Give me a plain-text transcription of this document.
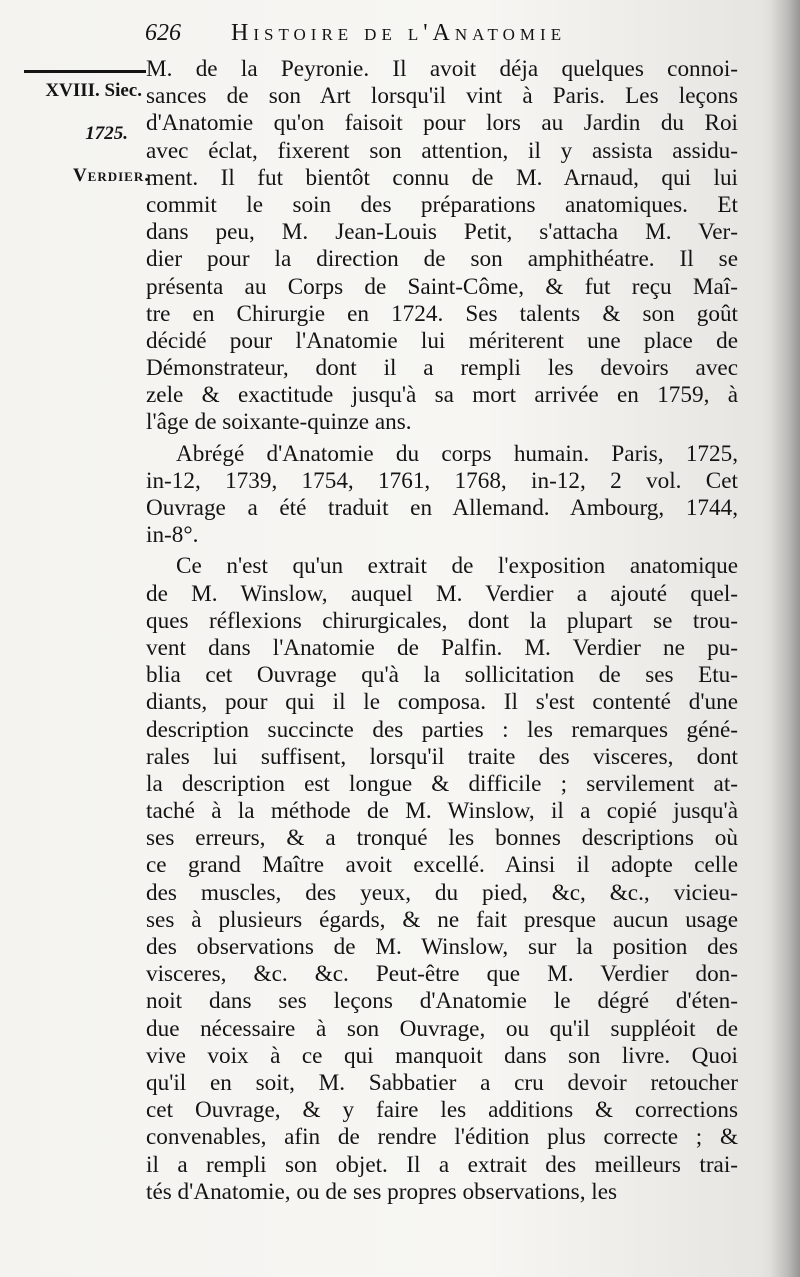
626 Histoire de l'Anatomie
XVIII. Siec.
1725.
Verdier.
M. de la Peyronie. Il avoit déja quelques connoi‑
sances de son Art lorsqu'il vint à Paris. Les leçons
d'Anatomie qu'on faisoit pour lors au Jardin du Roi
avec éclat, fixerent son attention, il y assista assidu‑
ment. Il fut bientôt connu de M. Arnaud, qui lui
commit le soin des préparations anatomiques. Et
dans peu, M. Jean-Louis Petit, s'attacha M. Ver‑
dier pour la direction de son amphithéatre. Il se
présenta au Corps de Saint-Côme, & fut reçu Maî‑
tre en Chirurgie en 1724. Ses talents & son goût
décidé pour l'Anatomie lui mériterent une place de
Démonstrateur, dont il a rempli les devoirs avec
zele & exactitude jusqu'à sa mort arrivée en 1759, à
l'âge de soixante-quinze ans.
Abrégé d'Anatomie du corps humain. Paris, 1725,
in-12, 1739, 1754, 1761, 1768, in-12, 2 vol. Cet
Ouvrage a été traduit en Allemand. Ambourg, 1744,
in-8°.
Ce n'est qu'un extrait de l'exposition anatomique
de M. Winslow, auquel M. Verdier a ajouté quel‑
ques réflexions chirurgicales, dont la plupart se trou‑
vent dans l'Anatomie de Palfin. M. Verdier ne pu‑
blia cet Ouvrage qu'à la sollicitation de ses Etu‑
diants, pour qui il le composa. Il s'est contenté d'une
description succincte des parties : les remarques géné‑
rales lui suffisent, lorsqu'il traite des visceres, dont
la description est longue & difficile ; servilement at‑
taché à la méthode de M. Winslow, il a copié jusqu'à
ses erreurs, & a tronqué les bonnes descriptions où
ce grand Maître avoit excellé. Ainsi il adopte celle
des muscles, des yeux, du pied, &c, &c., vicieu‑
ses à plusieurs égards, & ne fait presque aucun usage
des observations de M. Winslow, sur la position des
visceres, &c. &c. Peut-être que M. Verdier don‑
noit dans ses leçons d'Anatomie le dégré d'éten‑
due nécessaire à son Ouvrage, ou qu'il suppléoit de
vive voix à ce qui manquoit dans son livre. Quoi
qu'il en soit, M. Sabbatier a cru devoir retoucher
cet Ouvrage, & y faire les additions & corrections
convenables, afin de rendre l'édition plus correcte ; &
il a rempli son objet. Il a extrait des meilleurs trai‑
tés d'Anatomie, ou de ses propres observations, les
